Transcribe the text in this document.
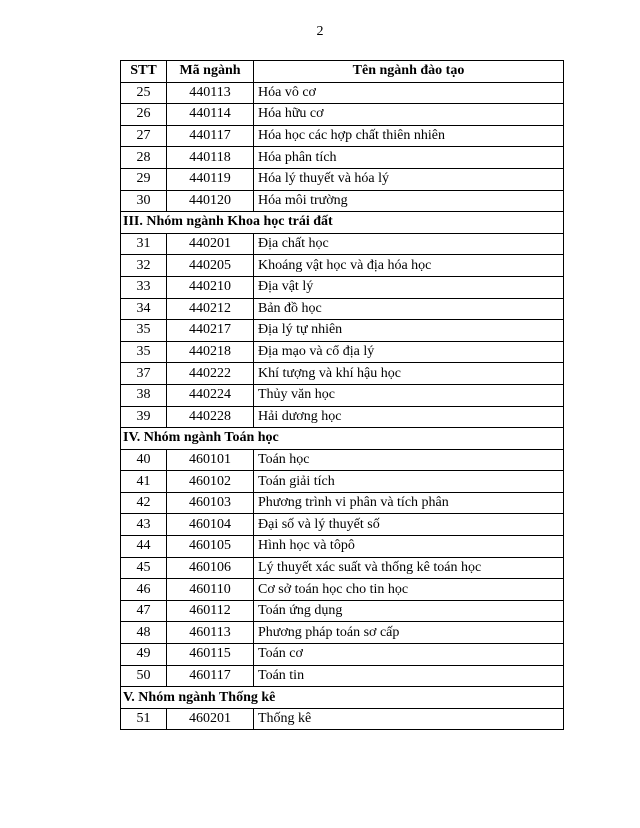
2
STT	Mã ngành	Tên ngành đào tạo
25	440113	Hóa vô cơ
26	440114	Hóa hữu cơ
27	440117	Hóa học các hợp chất thiên nhiên
28	440118	Hóa phân tích
29	440119	Hóa lý thuyết và hóa lý
30	440120	Hóa môi trường
III. Nhóm ngành Khoa học trái đất		
31	440201	Địa chất học
32	440205	Khoáng vật học và địa hóa học
33	440210	Địa vật lý
34	440212	Bản đồ học
35	440217	Địa lý tự nhiên
35	440218	Địa mạo và cổ địa lý
37	440222	Khí tượng và khí hậu học
38	440224	Thủy văn học
39	440228	Hải dương học
IV. Nhóm ngành Toán học		
40	460101	Toán học
41	460102	Toán giải tích
42	460103	Phương trình vi phân và tích phân
43	460104	Đại số và lý thuyết số
44	460105	Hình học và tôpô
45	460106	Lý thuyết xác suất và thống kê toán học
46	460110	Cơ sở toán học cho tin học
47	460112	Toán ứng dụng
48	460113	Phương pháp toán sơ cấp
49	460115	Toán cơ
50	460117	Toán tin
V. Nhóm ngành Thống kê		
51	460201	Thống kê
